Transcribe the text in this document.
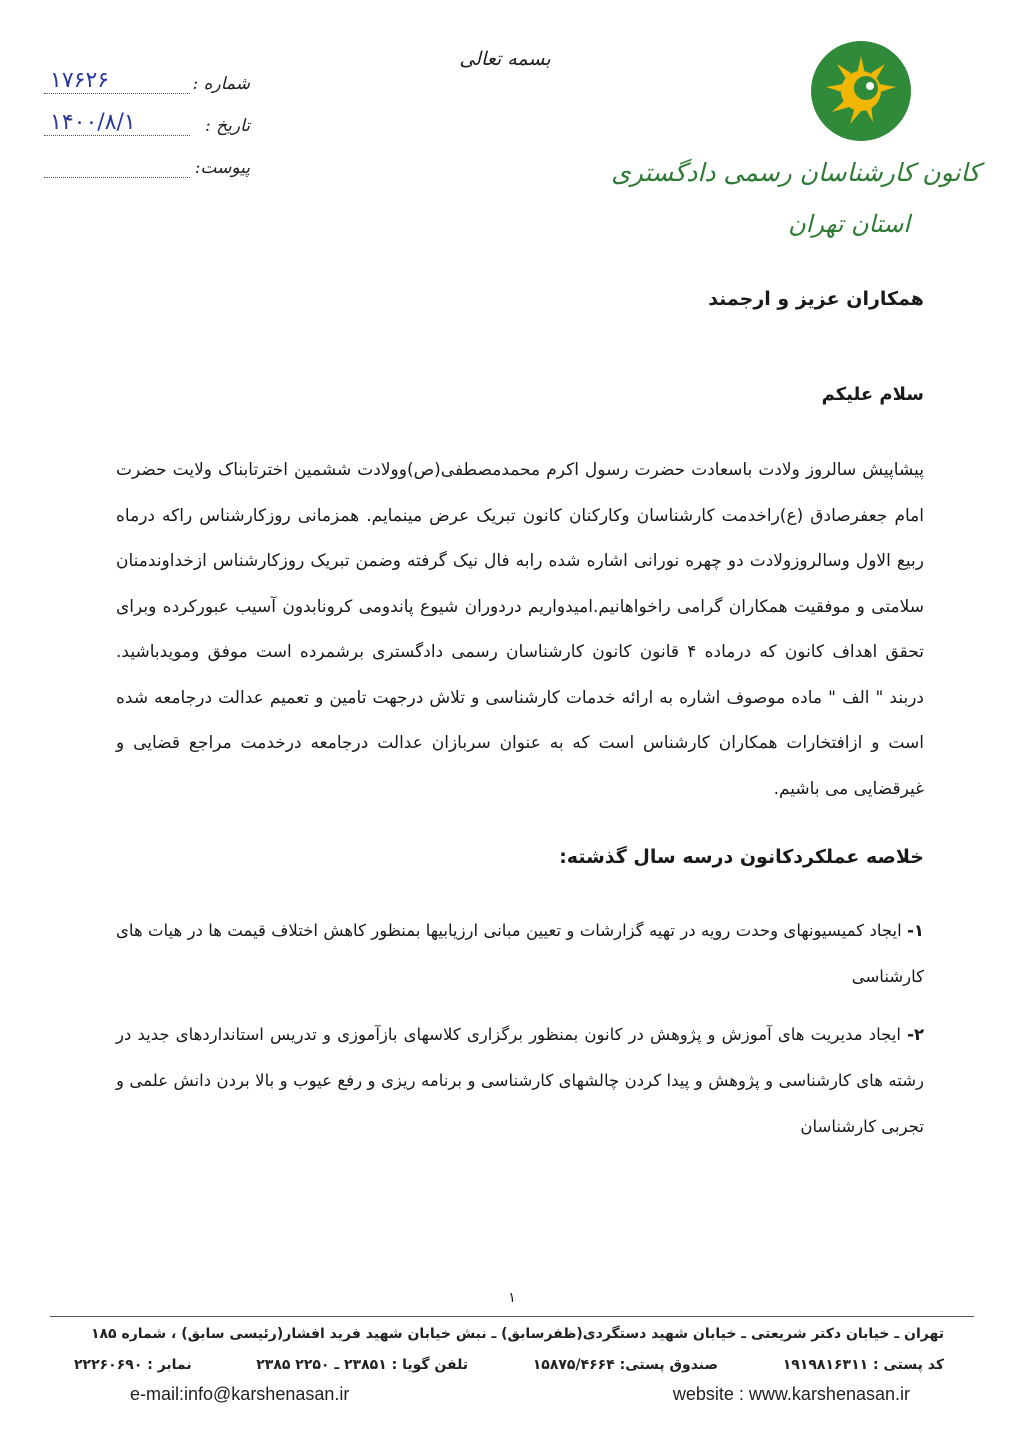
کانون کارشناسان رسمی دادگستری
استان تهران
بسمه تعالی
شماره :
۱۷۶۲۶
تاریخ :
۱۴۰۰/۸/۱
پیوست:
همکاران عزیز و ارجمند
سلام علیکم
پیشاپیش سالروز ولادت باسعادت حضرت رسول اکرم محمدمصطفی(ص)وولادت ششمین اخترتابناک ولایت حضرت امام جعفرصادق (ع)راخدمت کارشناسان وکارکنان کانون تبریک عرض مینمایم. همزمانی روزکارشناس راکه درماه ربیع الاول وسالروزولادت دو چهره نورانی اشاره شده رابه فال نیک گرفته وضمن تبریک روزکارشناس ازخداوندمنان سلامتی و موفقیت همکاران گرامی راخواهانیم.امیدواریم دردوران شیوع پاندومی کرونابدون آسیب عبورکرده وبرای تحقق اهداف کانون که درماده ۴ قانون کانون کارشناسان رسمی دادگستری برشمرده است موفق ومویدباشید. دربند " الف " ماده موصوف اشاره به ارائه خدمات کارشناسی و تلاش درجهت تامین و تعمیم عدالت درجامعه شده است و ازافتخارات همکاران کارشناس است که به عنوان سربازان عدالت درجامعه درخدمت مراجع قضایی و غیرقضایی می باشیم.
خلاصه عملکردکانون درسه سال گذشته:
۱- ایجاد کمیسیونهای وحدت رویه در تهیه گزارشات و تعیین مبانی ارزیابیها بمنظور کاهش اختلاف قیمت ها در هیات های کارشناسی
۲- ایجاد مدیریت های آموزش و پژوهش در کانون بمنظور برگزاری کلاسهای بازآموزی و تدریس استانداردهای جدید در رشته های کارشناسی و پژوهش و پیدا کردن چالشهای کارشناسی و برنامه ریزی و رفع عیوب و بالا بردن دانش علمی و تجربی کارشناسان
۱
تهران ـ خیابان دکتر شریعتی ـ خیابان شهید دستگردی(ظفرسابق) ـ نبش خیابان شهید فرید افشار(رئیسی سابق) ، شماره ۱۸۵
کد پستی : ۱۹۱۹۸۱۶۳۱۱
صندوق پستی: ۱۵۸۷۵/۴۶۶۴
تلفن گویا : ۲۳۸۵۱ ـ ۲۲۵۰ ۲۳۸۵
نمابر : ۲۲۲۶۰۶۹۰
e-mail:info@karshenasan.ir	website : www.karshenasan.ir
